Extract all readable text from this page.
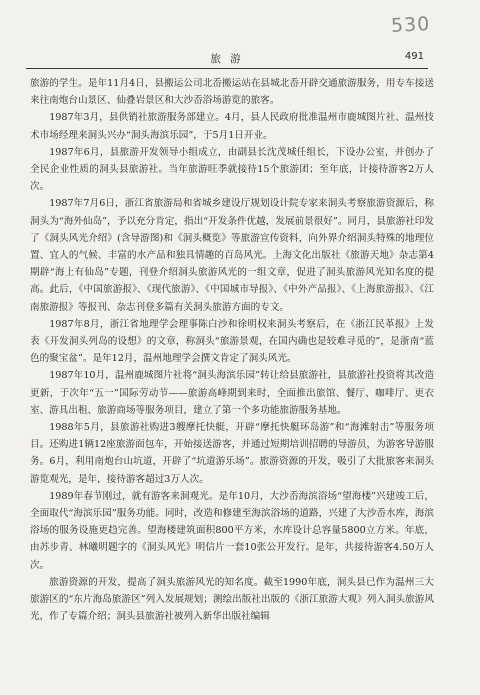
530
旅 游	491

旅游的学生。是年11月4日，县搬运公司北岙搬运站在县城北岙开辟交通旅游服务，用专车接送来往南炮台山景区、仙叠岩景区和大沙岙浴场游览的旅客。

1987年3月，县供销社旅游服务部建立。4月，县人民政府批准温州市鹿城图片社、温州技术市场经理来洞头兴办“洞头海滨乐园”，于5月1日开业。

1987年6月，县旅游开发领导小组成立，由副县长沈茂城任组长，下设办公室，并创办了全民企业性质的洞头县旅游社。当年旅游旺季就接待15个旅游团；至年底，计接待游客2万人次。

1987年7月6日，浙江省旅游局和省城乡建设厅规划设计院专家来洞头考察旅游资源后，称洞头为“海外仙岛”，予以充分肯定，指出“开发条件优越，发展前景很好”。同月，县旅游社印发了《洞头风光介绍》(含导游图)和《洞头概览》等旅游宣传资料，向外界介绍洞头特殊的地理位置、宜人的气候、丰富的水产品和独具情趣的百岛风光。上海文化出版社《旅游天地》杂志第4期辟“海上有仙岛”专题，刊登介绍洞头旅游风光的一组文章，促进了洞头旅游风光知名度的提高。此后，《中国旅游报》、《现代旅游》、《中国城市导报》、《中外产品报》、《上海旅游报》、《江南旅游报》等报刊、杂志刊登多篇有关洞头旅游方面的专文。

1987年8月，浙江省地理学会理事陈白沙和徐明权来洞头考察后，在《浙江民革报》上发表《开发洞头列岛的设想》的文章，称洞头“旅游景观，在国内确也是较难寻觅的”，是浙南“蓝色的聚宝盆”。是年12月，温州地理学会撰文肯定了洞头风光。

1987年10月，温州鹿城图片社将“洞头海滨乐园”转让给县旅游社，县旅游社投资将其改造更新，于次年“五一”国际劳动节——旅游高峰期到来时，全面推出旅馆、餐厅、咖啡厅、更衣室、游具出租、旅游商场等服务项目，建立了第一个多功能旅游服务基地。

1988年5月，县旅游社购进3艘摩托快艇，开辟“摩托快艇环岛游”和“海滩射击”等服务项目。还购进1辆12座旅游面包车，开始接送游客，并通过短期培训招聘的导游员，为游客导游服务。6月，利用南炮台山坑道，开辟了“坑道游乐场”。旅游资源的开发，吸引了大批旅客来洞头游览观光，是年，接待游客超过3万人次。

1989年春节刚过，就有游客来洞观光。是年10月，大沙岙海滨浴场“望海楼”兴建竣工后，全面取代“海滨乐园”服务功能。同时，改造和修建至海滨浴场的道路，兴建了大沙岙水库，海滨浴场的服务设施更趋完善。望海楼建筑面积800平方米，水库设计总容量5800立方米。年底，由苏步青、林曦明题字的《洞头风光》明信片一套10张公开发行。是年，共接待游客4.50万人次。

旅游资源的开发，提高了洞头旅游风光的知名度。截至1990年底，洞头县已作为温州三大旅游区的“东片海岛旅游区”列入发展规划；测绘出版社出版的《浙江旅游大观》列入洞头旅游风光，作了专篇介绍；洞头县旅游社被列入新华出版社编辑
